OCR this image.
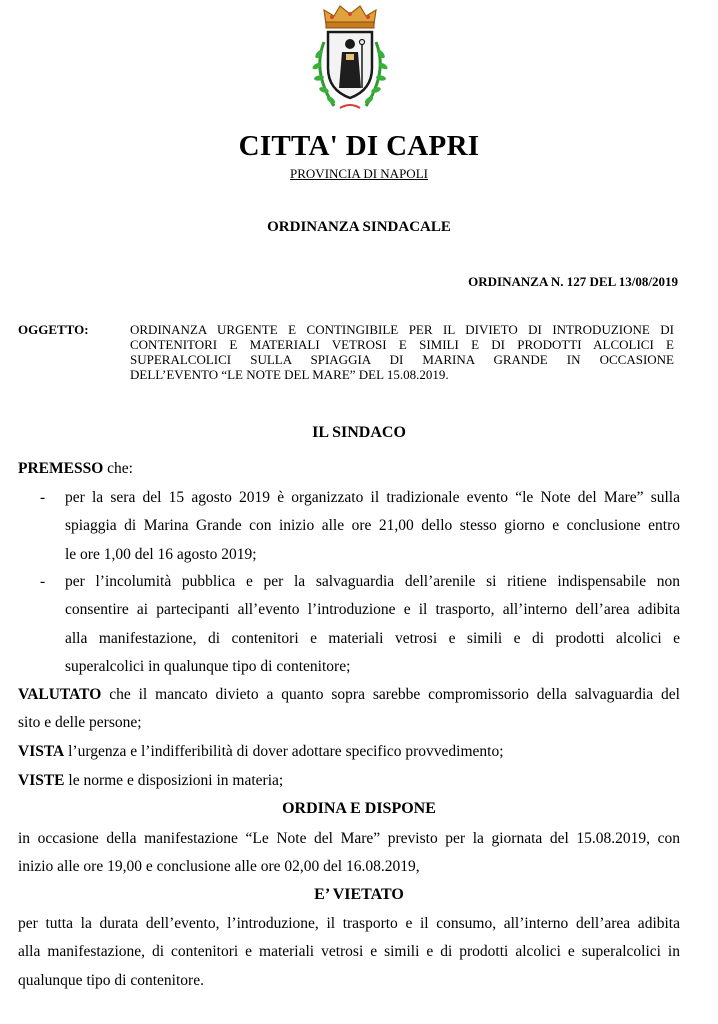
CITTA' DI CAPRI
PROVINCIA DI NAPOLI
ORDINANZA SINDACALE
ORDINANZA N. 127 DEL 13/08/2019
OGGETTO:	ORDINANZA URGENTE E CONTINGIBILE PER IL DIVIETO DI INTRODUZIONE DI
CONTENITORI E MATERIALI VETROSI E SIMILI E DI PRODOTTI ALCOLICI E
SUPERALCOLICI SULLA SPIAGGIA DI MARINA GRANDE IN OCCASIONE
DELL’EVENTO “LE NOTE DEL MARE” DEL 15.08.2019.
IL SINDACO
PREMESSO che:
- per la sera del 15 agosto 2019 è organizzato il tradizionale evento “le Note del Mare” sulla
spiaggia di Marina Grande con inizio alle ore 21,00 dello stesso giorno e conclusione entro
le ore 1,00 del 16 agosto 2019;
- per l’incolumità pubblica e per la salvaguardia dell’arenile si ritiene indispensabile non
consentire ai partecipanti all’evento l’introduzione e il trasporto, all’interno dell’area adibita
alla manifestazione, di contenitori e materiali vetrosi e simili e di prodotti alcolici e
superalcolici in qualunque tipo di contenitore;
VALUTATO che il mancato divieto a quanto sopra sarebbe compromissorio della salvaguardia del
sito e delle persone;
VISTA l’urgenza e l’indifferibilità di dover adottare specifico provvedimento;
VISTE le norme e disposizioni in materia;
ORDINA E DISPONE
in occasione della manifestazione “Le Note del Mare” previsto per la giornata del 15.08.2019, con
inizio alle ore 19,00 e conclusione alle ore 02,00 del 16.08.2019,
E’ VIETATO
per tutta la durata dell’evento, l’introduzione, il trasporto e il consumo, all’interno dell’area adibita
alla manifestazione, di contenitori e materiali vetrosi e simili e di prodotti alcolici e superalcolici in
qualunque tipo di contenitore.
